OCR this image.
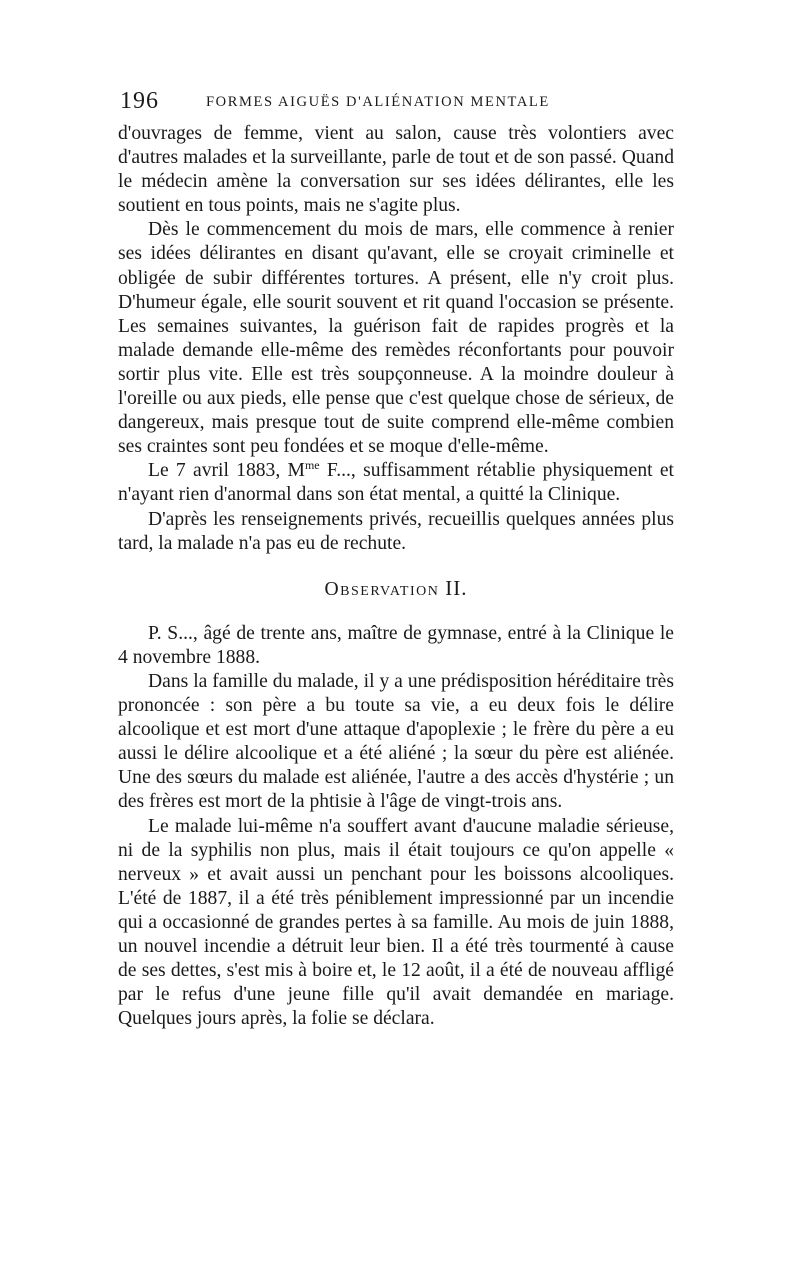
196	FORMES AIGUËS D'ALIÉNATION MENTALE

d'ouvrages de femme, vient au salon, cause très volontiers avec d'autres malades et la surveillante, parle de tout et de son passé. Quand le médecin amène la conversation sur ses idées délirantes, elle les soutient en tous points, mais ne s'agite plus.

Dès le commencement du mois de mars, elle commence à renier ses idées délirantes en disant qu'avant, elle se croyait criminelle et obligée de subir différentes tortures. A présent, elle n'y croit plus. D'humeur égale, elle sourit souvent et rit quand l'occasion se présente. Les semaines suivantes, la guérison fait de rapides progrès et la malade demande elle-même des remèdes réconfortants pour pouvoir sortir plus vite. Elle est très soupçonneuse. A la moindre douleur à l'oreille ou aux pieds, elle pense que c'est quelque chose de sérieux, de dangereux, mais presque tout de suite comprend elle-même combien ses craintes sont peu fondées et se moque d'elle-même.

Le 7 avril 1883, $M^{me}$ F..., suffisamment rétablie physiquement et n'ayant rien d'anormal dans son état mental, a quitté la Clinique.

D'après les renseignements privés, recueillis quelques années plus tard, la malade n'a pas eu de rechute.

Observation II.

P. S..., âgé de trente ans, maître de gymnase, entré à la Clinique le 4 novembre 1888.

Dans la famille du malade, il y a une prédisposition héréditaire très prononcée : son père a bu toute sa vie, a eu deux fois le délire alcoolique et est mort d'une attaque d'apoplexie ; le frère du père a eu aussi le délire alcoolique et a été aliéné ; la sœur du père est aliénée. Une des sœurs du malade est aliénée, l'autre a des accès d'hystérie ; un des frères est mort de la phtisie à l'âge de vingt-trois ans.

Le malade lui-même n'a souffert avant d'aucune maladie sérieuse, ni de la syphilis non plus, mais il était toujours ce qu'on appelle « nerveux » et avait aussi un penchant pour les boissons alcooliques. L'été de 1887, il a été très péniblement impressionné par un incendie qui a occasionné de grandes pertes à sa famille. Au mois de juin 1888, un nouvel incendie a détruit leur bien. Il a été très tourmenté à cause de ses dettes, s'est mis à boire et, le 12 août, il a été de nouveau affligé par le refus d'une jeune fille qu'il avait demandée en mariage. Quelques jours après, la folie se déclara.
